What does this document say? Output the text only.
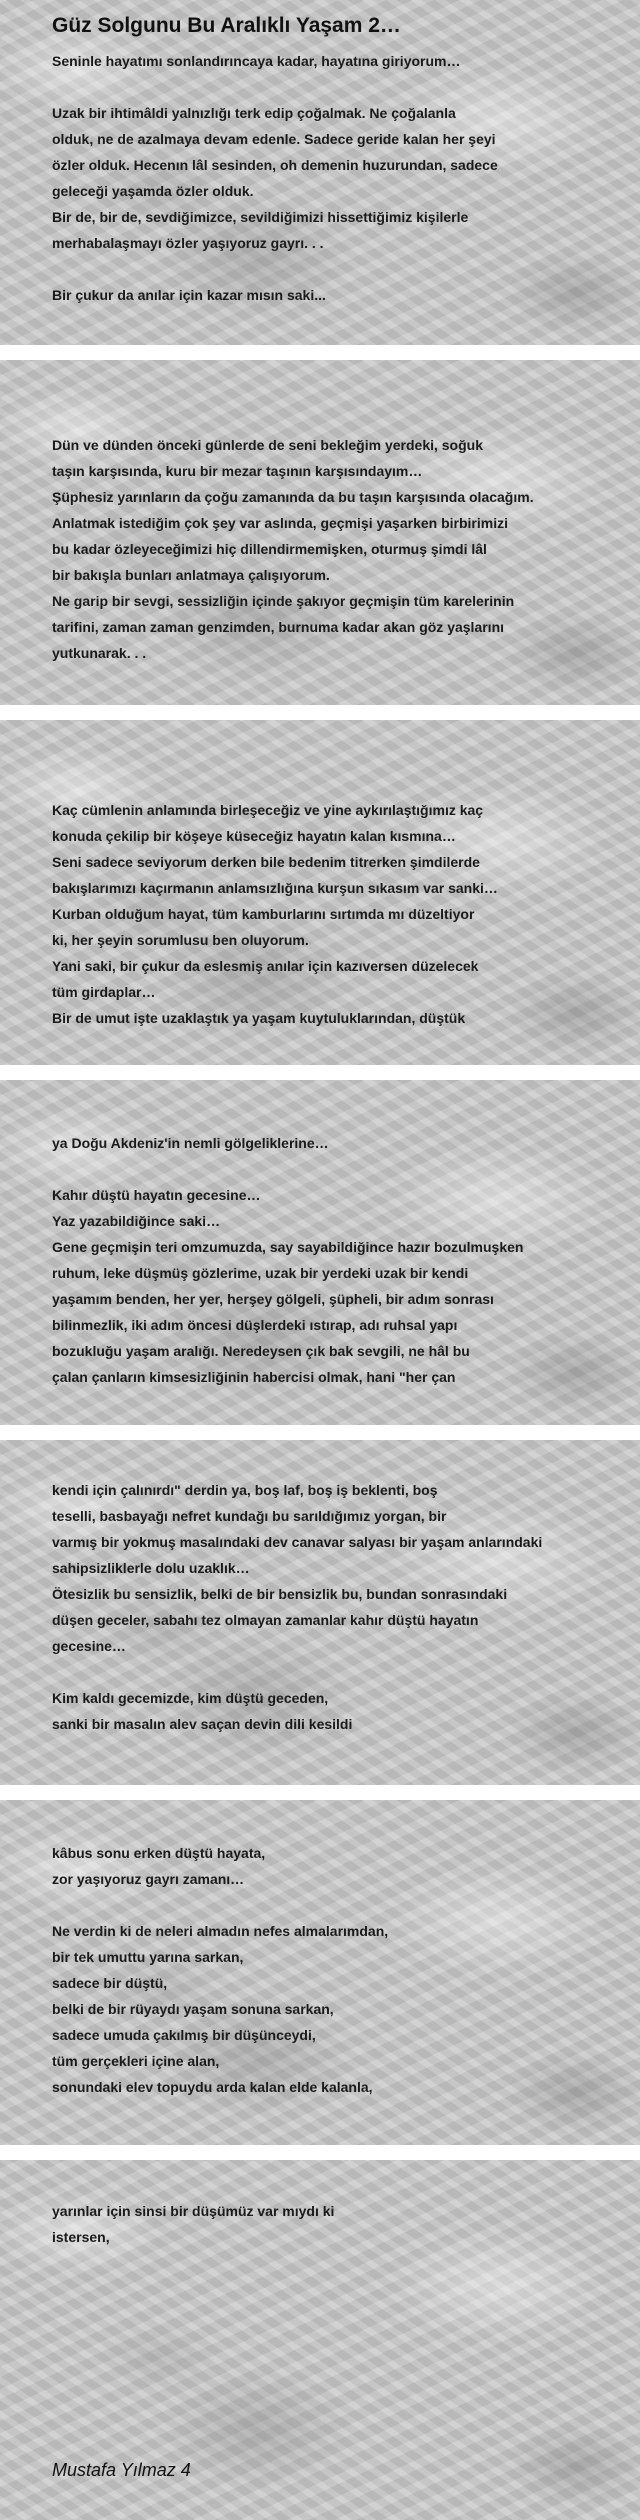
Güz Solgunu Bu Aralıklı Yaşam 2…
Seninle hayatımı sonlandırıncaya kadar, hayatına giriyorum…

Uzak bir ihtimâldi yalnızlığı terk edip çoğalmak. Ne çoğalanla
olduk, ne de azalmaya devam edenle. Sadece geride kalan her şeyi
özler olduk. Hecenın lâl sesinden, oh demenin huzurundan, sadece
geleceği yaşamda özler olduk.
Bir de, bir de, sevdiğimizce, sevildiğimizi hissettiğimiz kişilerle
merhabalaşmayı özler yaşıyoruz gayrı. . .

Bir çukur da anılar için kazar mısın saki...
Dün ve dünden önceki günlerde de seni bekleğim yerdeki, soğuk
taşın karşısında, kuru bir mezar taşının karşısındayım…
Şüphesiz yarınların da çoğu zamanında da bu taşın karşısında olacağım.
Anlatmak istediğim çok şey var aslında, geçmişi yaşarken birbirimizi
bu kadar özleyeceğimizi hiç dillendirmemişken, oturmuş şimdi lâl
bir bakışla bunları anlatmaya çalışıyorum.
Ne garip bir sevgi, sessizliğin içinde şakıyor geçmişin tüm karelerinin
tarifini, zaman zaman genzimden, burnuma kadar akan göz yaşlarını
yutkunarak. . .
Kaç cümlenin anlamında birleşeceğiz ve yine aykırılaştığımız kaç
konuda çekilip bir köşeye küseceğiz hayatın kalan kısmına…
Seni sadece seviyorum derken bile bedenim titrerken şimdilerde
bakışlarımızı kaçırmanın anlamsızlığına kurşun sıkasım var sanki…
Kurban olduğum hayat, tüm kamburlarını sırtımda mı düzeltiyor
ki, her şeyin sorumlusu ben oluyorum.
Yani saki, bir çukur da eslesmiş anılar için kazıversen düzelecek
tüm girdaplar…
Bir de umut işte uzaklaştık ya yaşam kuytuluklarından, düştük
ya Doğu Akdeniz'in nemli gölgeliklerine…

Kahır düştü hayatın gecesine…
Yaz yazabildiğince saki…
Gene geçmişin teri omzumuzda, say sayabildiğince hazır bozulmuşken
ruhum, leke düşmüş gözlerime, uzak bir yerdeki uzak bir kendi
yaşamım benden, her yer, herşey gölgeli, şüpheli, bir adım sonrası
bilinmezlik, iki adım öncesi düşlerdeki ıstırap, adı ruhsal yapı
bozukluğu yaşam aralığı. Neredeysen çık bak sevgili, ne hâl bu
çalan çanların kimsesizliğinin habercisi olmak, hani "her çan
kendi için çalınırdı" derdin ya, boş laf, boş iş beklenti, boş
teselli, basbayağı nefret kundağı bu sarıldığımız yorgan, bir
varmış bir yokmuş masalındaki dev canavar salyası bir yaşam anlarındaki
sahipsizliklerle dolu uzaklık…
Ötesizlik bu sensizlik, belki de bir bensizlik bu, bundan sonrasındaki
düşen geceler, sabahı tez olmayan zamanlar kahır düştü hayatın
gecesine…

Kim kaldı gecemizde, kim düştü geceden,
sanki bir masalın alev saçan devin dili kesildi
kâbus sonu erken düştü hayata,
zor yaşıyoruz gayrı zamanı…

Ne verdin ki de neleri almadın nefes almalarımdan,
bir tek umuttu yarına sarkan,
sadece bir düştü,
belki de bir rüyaydı yaşam sonuna sarkan,
sadece umuda çakılmış bir düşünceydi,
tüm gerçekleri içine alan,
sonundaki elev topuydu arda kalan elde kalanla,
yarınlar için sinsi bir düşümüz var mıydı ki
istersen,
Mustafa Yılmaz 4
